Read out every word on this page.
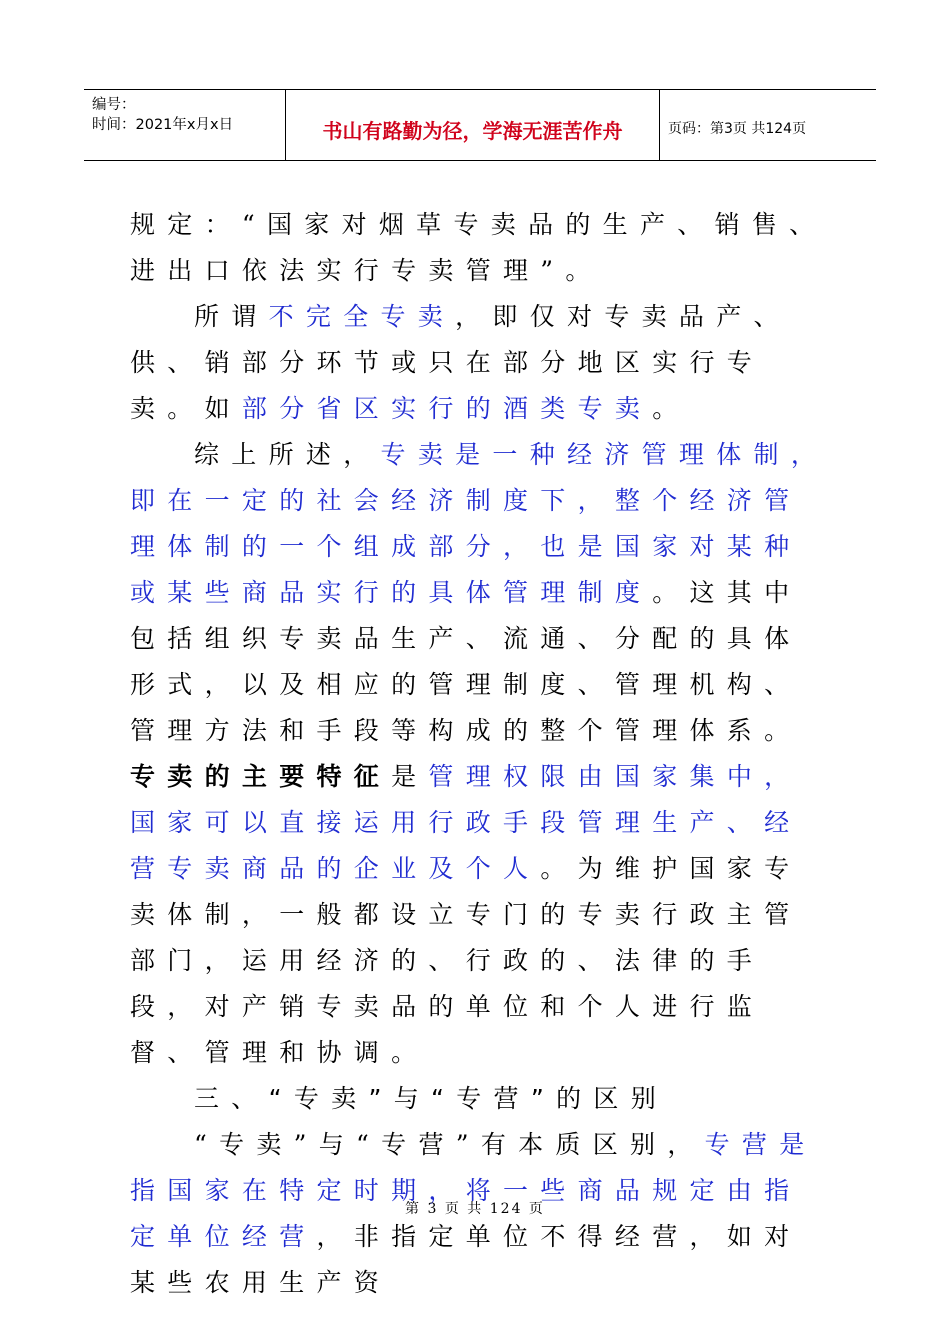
编号：
时间：2021年x月x日	书山有路勤为径，学海无涯苦作舟	页码：第3页 共124页

规定：“国家对烟草专卖品的生产、销售、进出口依法实行专卖管理”。

所谓不完全专卖，即仅对专卖品产、供、销部分环节或只在部分地区实行专卖。如部分省区实行的酒类专卖。

综上所述，专卖是一种经济管理体制，即在一定的社会经济制度下，整个经济管理体制的一个组成部分，也是国家对某种或某些商品实行的具体管理制度。这其中包括组织专卖品生产、流通、分配的具体形式，以及相应的管理制度、管理机构、管理方法和手段等构成的整个管理体系。专卖的主要特征是管理权限由国家集中，国家可以直接运用行政手段管理生产、经营专卖商品的企业及个人。为维护国家专卖体制，一般都设立专门的专卖行政主管部门，运用经济的、行政的、法律的手段，对产销专卖品的单位和个人进行监督、管理和协调。

三、“专卖”与“专营”的区别

“专卖”与“专营”有本质区别，专营是指国家在特定时期，将一些商品规定由指定单位经营，非指定单位不得经营，如对某些农用生产资

第 3 页 共 124 页
